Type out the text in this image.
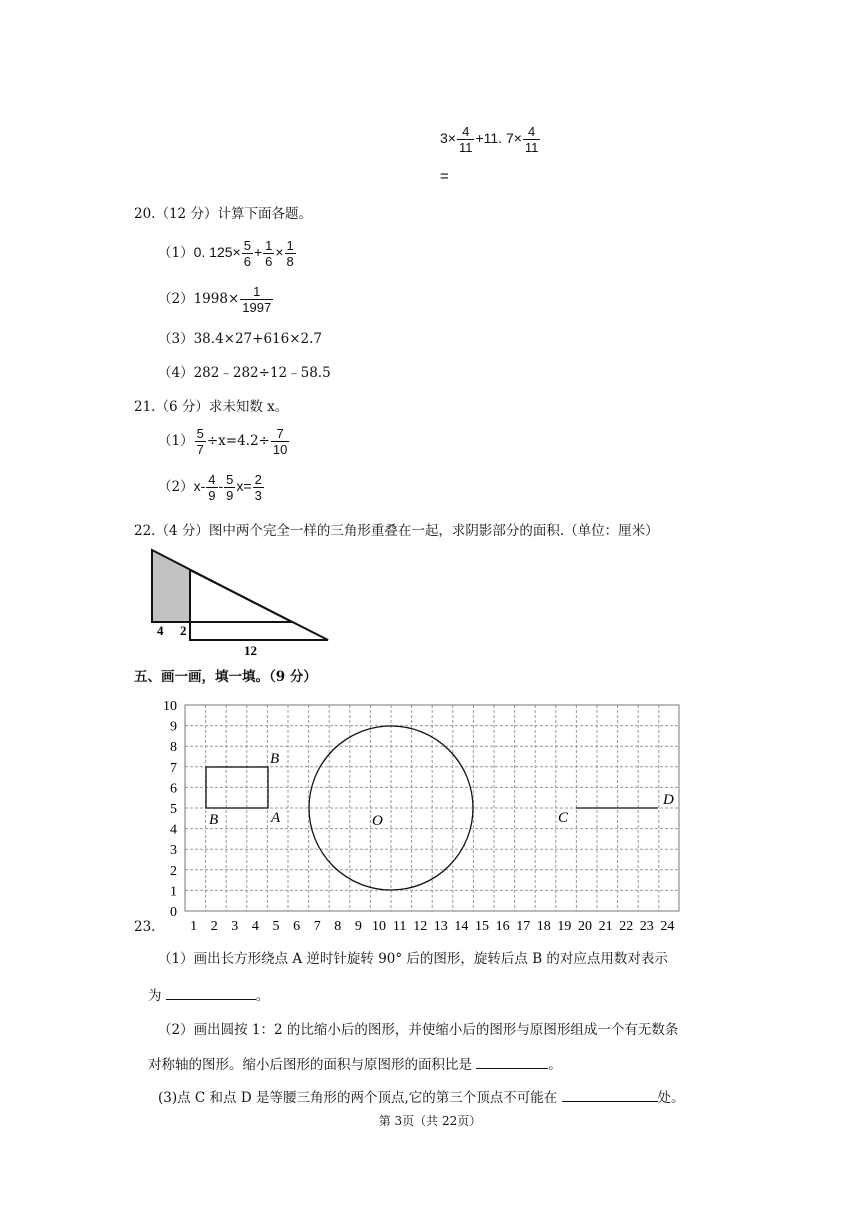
$3\times \frac{4}{11} +11$. $7\times \frac{4}{11}$
=
20.（12 分）计算下面各题。
（1）0. $125\times \frac{5}{6} + \frac{1}{6} \times \frac{1}{8}$
$(2)1998\times \frac{1}{1997}$
（3）38.4×27+616×2.7
（4）282﹣282÷12﹣58.5
21.（6 分）求未知数 x。
$(1) \frac{5}{7} \div x=4.2\div \frac{7}{10}$
$(2)x- \frac{4}{9} - \frac{5}{9} x= \frac{2}{3}$
22.（4 分）图中两个完全一样的三角形重叠在一起，求阴影部分的面积.（单位：厘米）
4 2
12
五、画一画，填一填。（9 分）
0
1
2
3
4
5
6
7
8
9
10
1 2 3 4 5 6 7 8 9 10 11 12 13 14 15 16 17 18 19 20 21 22 23 24
B
B	A	O	C
D
23.
（1）画出长方形绕点 A 逆时针旋转 90° 后的图形，旋转后点 B 的对应点用数对表示
为	。
（2）画出圆按 1：2 的比缩小后的图形，并使缩小后的图形与原图形组成一个有无数条
对称轴的图形。缩小后图形的面积与原图形的面积比是	。
(3)点 C 和点 D 是等腰三角形的两个顶点,它的第三个顶点不可能在	处。
第 3页（共 22页）
